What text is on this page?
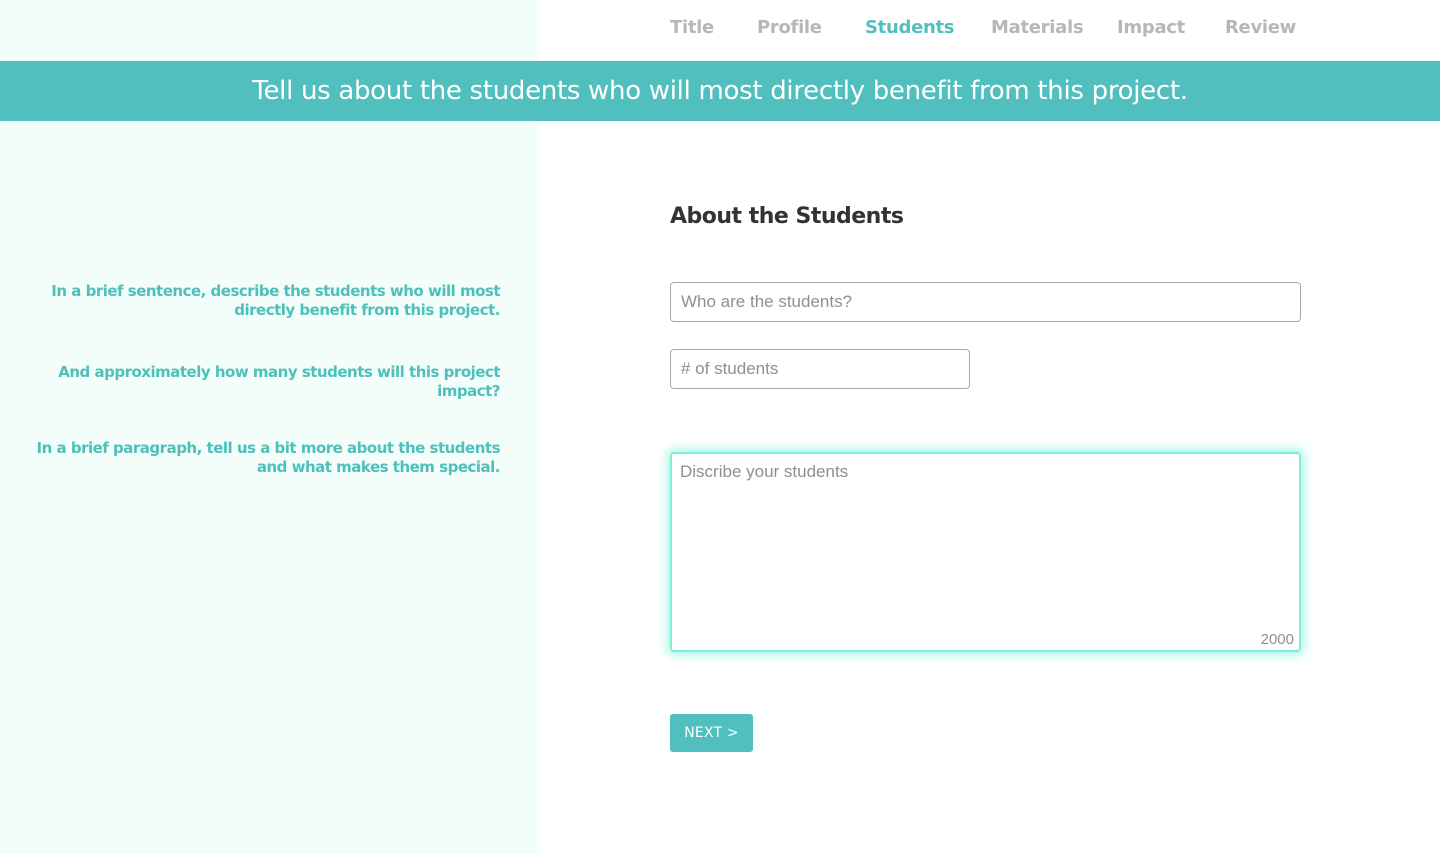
Title Profile Students Materials Impact Review
Tell us about the students who will most directly benefit from this project.
In a brief sentence, describe the students who will most directly benefit from this project.
And approximately how many students will this project impact?
In a brief paragraph, tell us a bit more about the students and what makes them special.
About the Students
Who are the students?
# of students
Discribe your students
2000
NEXT >
